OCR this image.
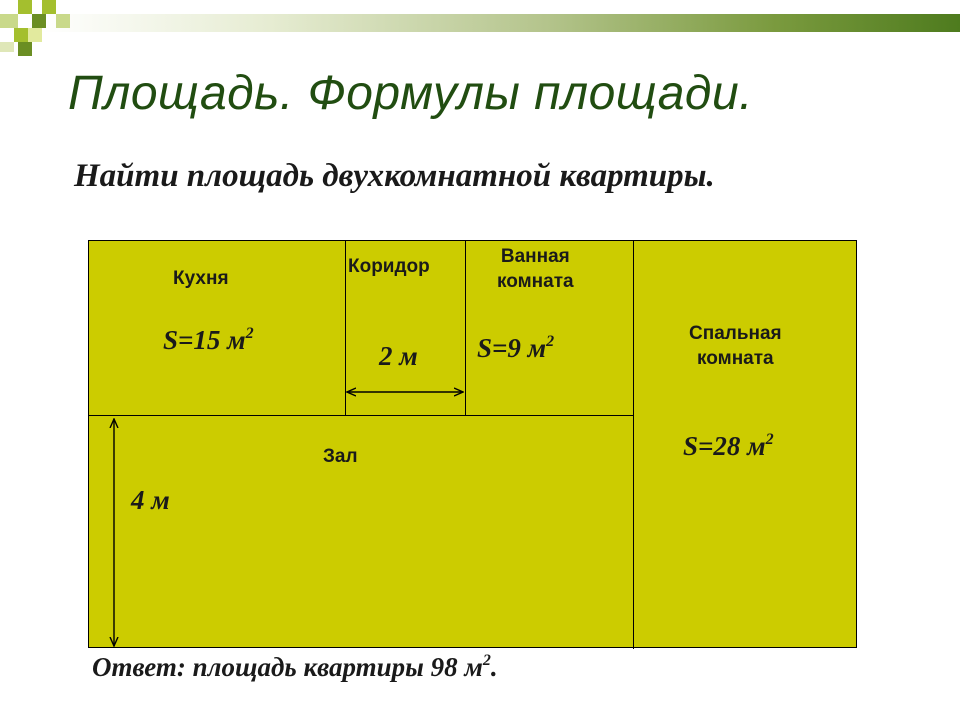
Площадь. Формулы площади.
Найти площадь двухкомнатной квартиры.
Кухня
S=15 $м^2$
Коридор
2 м
Ванная
комната
S=9 $м^2$	Спальная
комната
S=28 $м^2$
Зал
4 м
Ответ: площадь квартиры 98 $м^2$.
